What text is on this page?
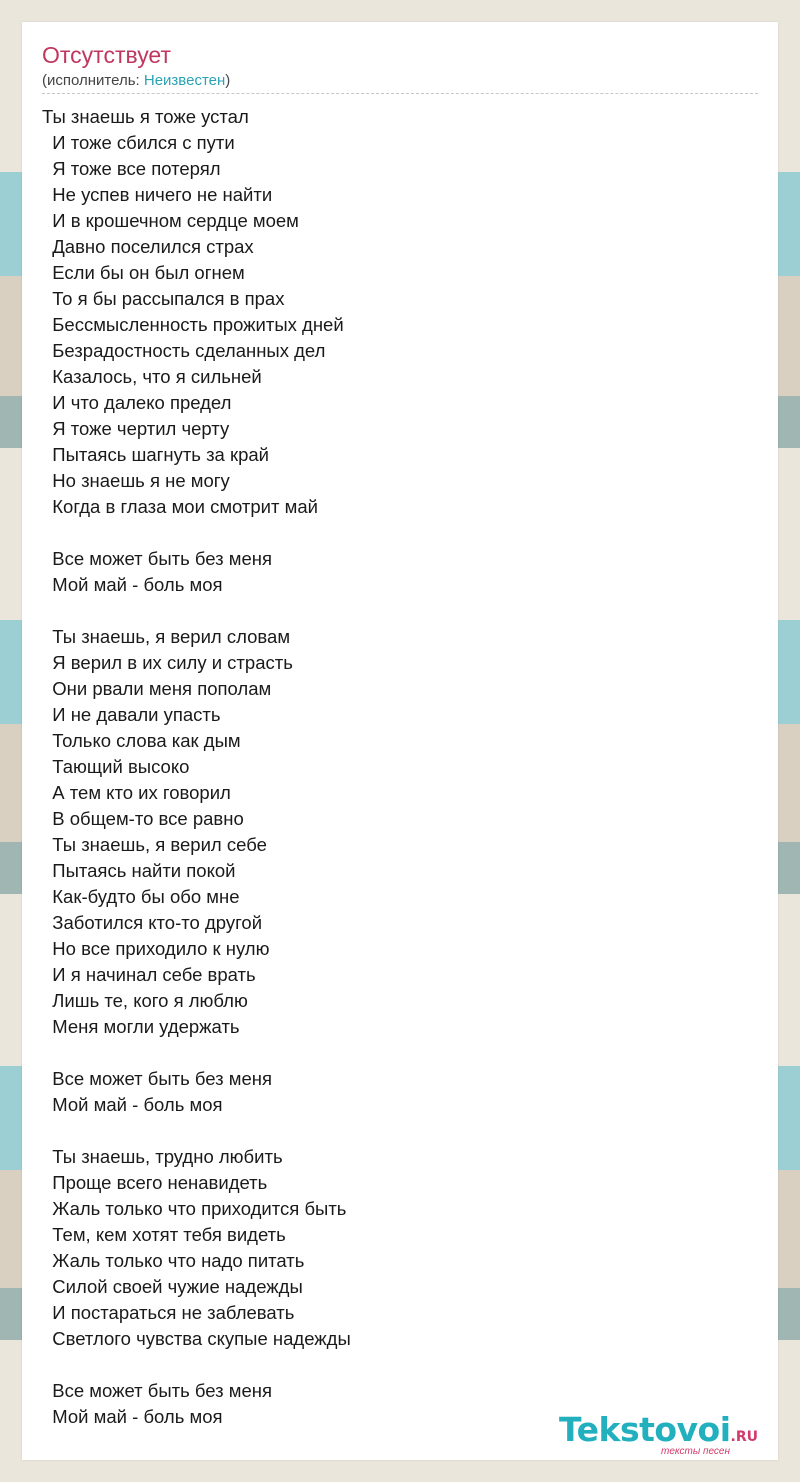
Отсутствует
(исполнитель: Неизвестен)
Ты знаешь я тоже устал
И тоже сбился с пути
Я тоже все потерял
Не успев ничего не найти
И в крошечном сердце моем
Давно поселился страх
Если бы он был огнем
То я бы рассыпался в прах
Бессмысленность прожитых дней
Безрадостность сделанных дел
Казалось, что я сильней
И что далеко предел
Я тоже чертил черту
Пытаясь шагнуть за край
Но знаешь я не могу
Когда в глаза мои смотрит май
Все может быть без меня
Мой май - боль моя
Ты знаешь, я верил словам
Я верил в их силу и страсть
Они рвали меня пополам
И не давали упасть
Только слова как дым
Тающий высоко
А тем кто их говорил
В общем-то все равно
Ты знаешь, я верил себе
Пытаясь найти покой
Как-будто бы обо мне
Заботился кто-то другой
Но все приходило к нулю
И я начинал себе врать
Лишь те, кого я люблю
Меня могли удержать
Все может быть без меня
Мой май - боль моя
Ты знаешь, трудно любить
Проще всего ненавидеть
Жаль только что приходится быть
Тем, кем хотят тебя видеть
Жаль только что надо питать
Силой своей чужие надежды
И постараться не заблевать
Светлого чувства скупые надежды
Все может быть без меня
Мой май - боль моя	Tekstovoi.RU
тексты песен
